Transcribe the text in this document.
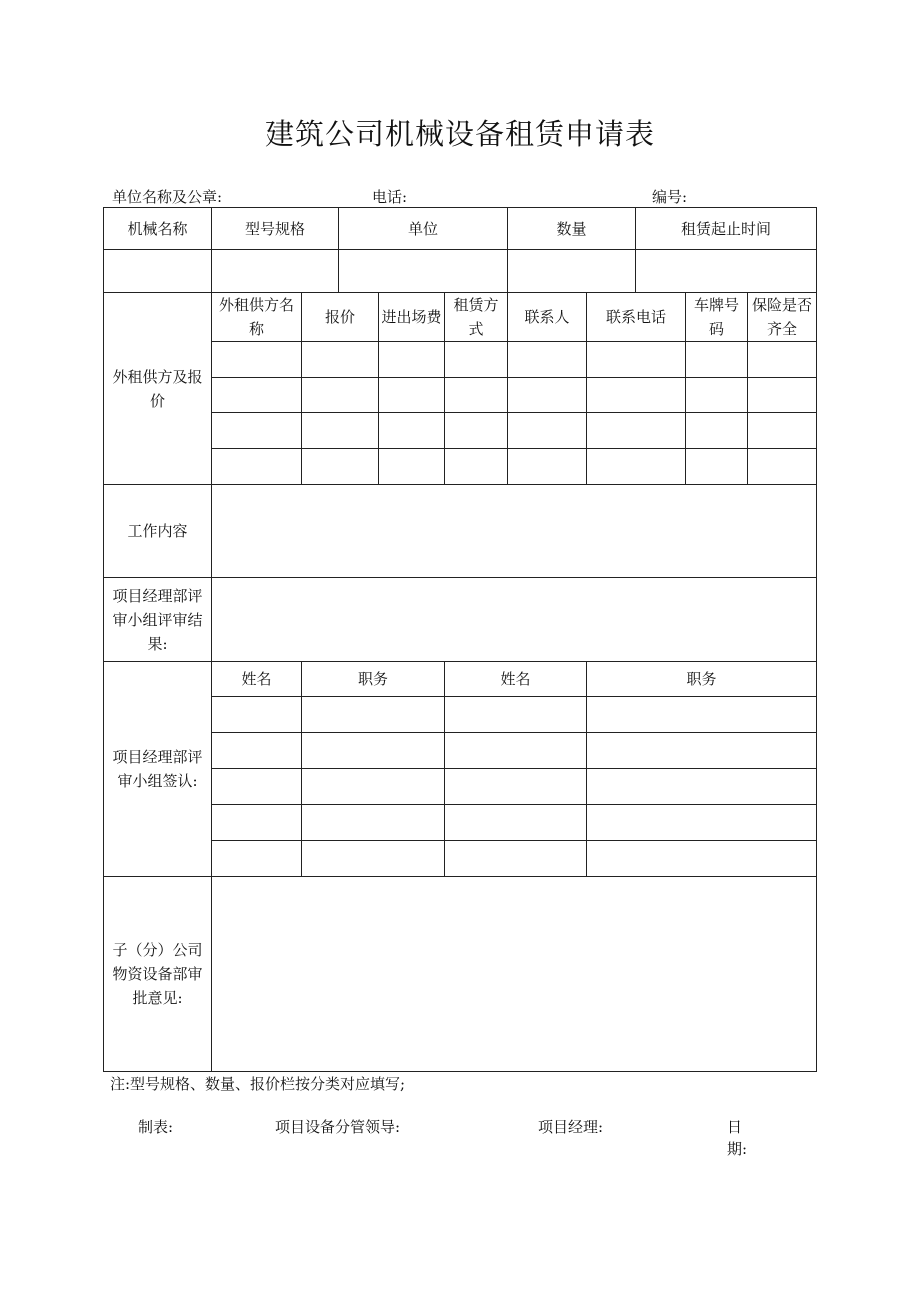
建筑公司机械设备租赁申请表
单位名称及公章:	电话:	编号:
机械名称	型号规格		单位			数量		租赁起止时间		

外租供方及报价	外租供方名称	报价		进出场费	租赁方式	联系人	联系电话		车牌号码	保险是否齐全

工作内容										
项目经理部评审小组评审结果:										
项目经理部评审小组签认:	姓名	职务			姓名		职务			

子（分）公司物资设备部审批意见:										
注:型号规格、数量、报价栏按分类对应填写;
制表:	项目设备分管领导:	项目经理:	日
期:
